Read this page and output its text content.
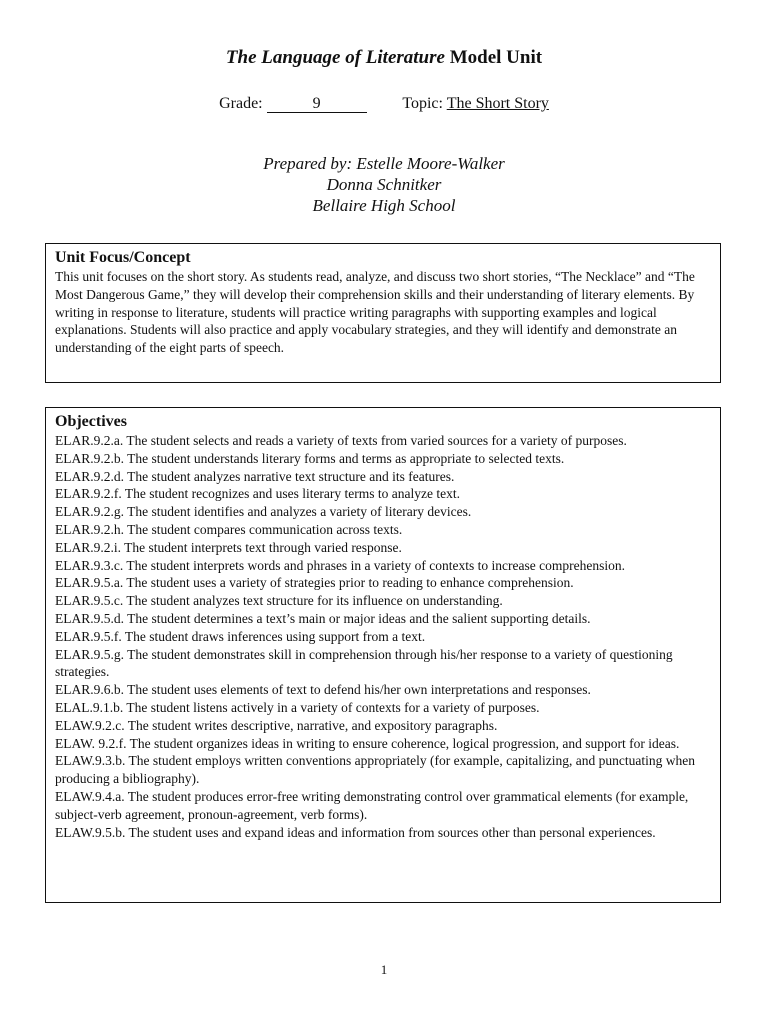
The Language of Literature Model Unit
Grade:	9	Topic: The Short Story
Prepared by: Estelle Moore-Walker
Donna Schnitker
Bellaire High School
Unit Focus/Concept

This unit focuses on the short story. As students read, analyze, and discuss two short stories, “The Necklace” and “The Most Dangerous Game,” they will develop their comprehension skills and their understanding of literary elements. By writing in response to literature, students will practice writing paragraphs with supporting examples and logical explanations. Students will also practice and apply vocabulary strategies, and they will identify and demonstrate an understanding of the eight parts of speech.

Objectives
ELAR.9.2.a. The student selects and reads a variety of texts from varied sources for a variety of purposes.
ELAR.9.2.b. The student understands literary forms and terms as appropriate to selected texts.
ELAR.9.2.d. The student analyzes narrative text structure and its features.
ELAR.9.2.f. The student recognizes and uses literary terms to analyze text.
ELAR.9.2.g. The student identifies and analyzes a variety of literary devices.
ELAR.9.2.h. The student compares communication across texts.
ELAR.9.2.i. The student interprets text through varied response.
ELAR.9.3.c. The student interprets words and phrases in a variety of contexts to increase comprehension.
ELAR.9.5.a. The student uses a variety of strategies prior to reading to enhance comprehension.
ELAR.9.5.c. The student analyzes text structure for its influence on understanding.
ELAR.9.5.d. The student determines a text’s main or major ideas and the salient supporting details.
ELAR.9.5.f. The student draws inferences using support from a text.
ELAR.9.5.g. The student demonstrates skill in comprehension through his/her response to a variety of questioning strategies.
ELAR.9.6.b. The student uses elements of text to defend his/her own interpretations and responses.
ELAL.9.1.b. The student listens actively in a variety of contexts for a variety of purposes.
ELAW.9.2.c. The student writes descriptive, narrative, and expository paragraphs.
ELAW. 9.2.f. The student organizes ideas in writing to ensure coherence, logical progression, and support for ideas.
ELAW.9.3.b. The student employs written conventions appropriately (for example, capitalizing, and punctuating when producing a bibliography).
ELAW.9.4.a. The student produces error-free writing demonstrating control over grammatical elements (for example, subject-verb agreement, pronoun-agreement, verb forms).
ELAW.9.5.b. The student uses and expand ideas and information from sources other than personal experiences.
1
